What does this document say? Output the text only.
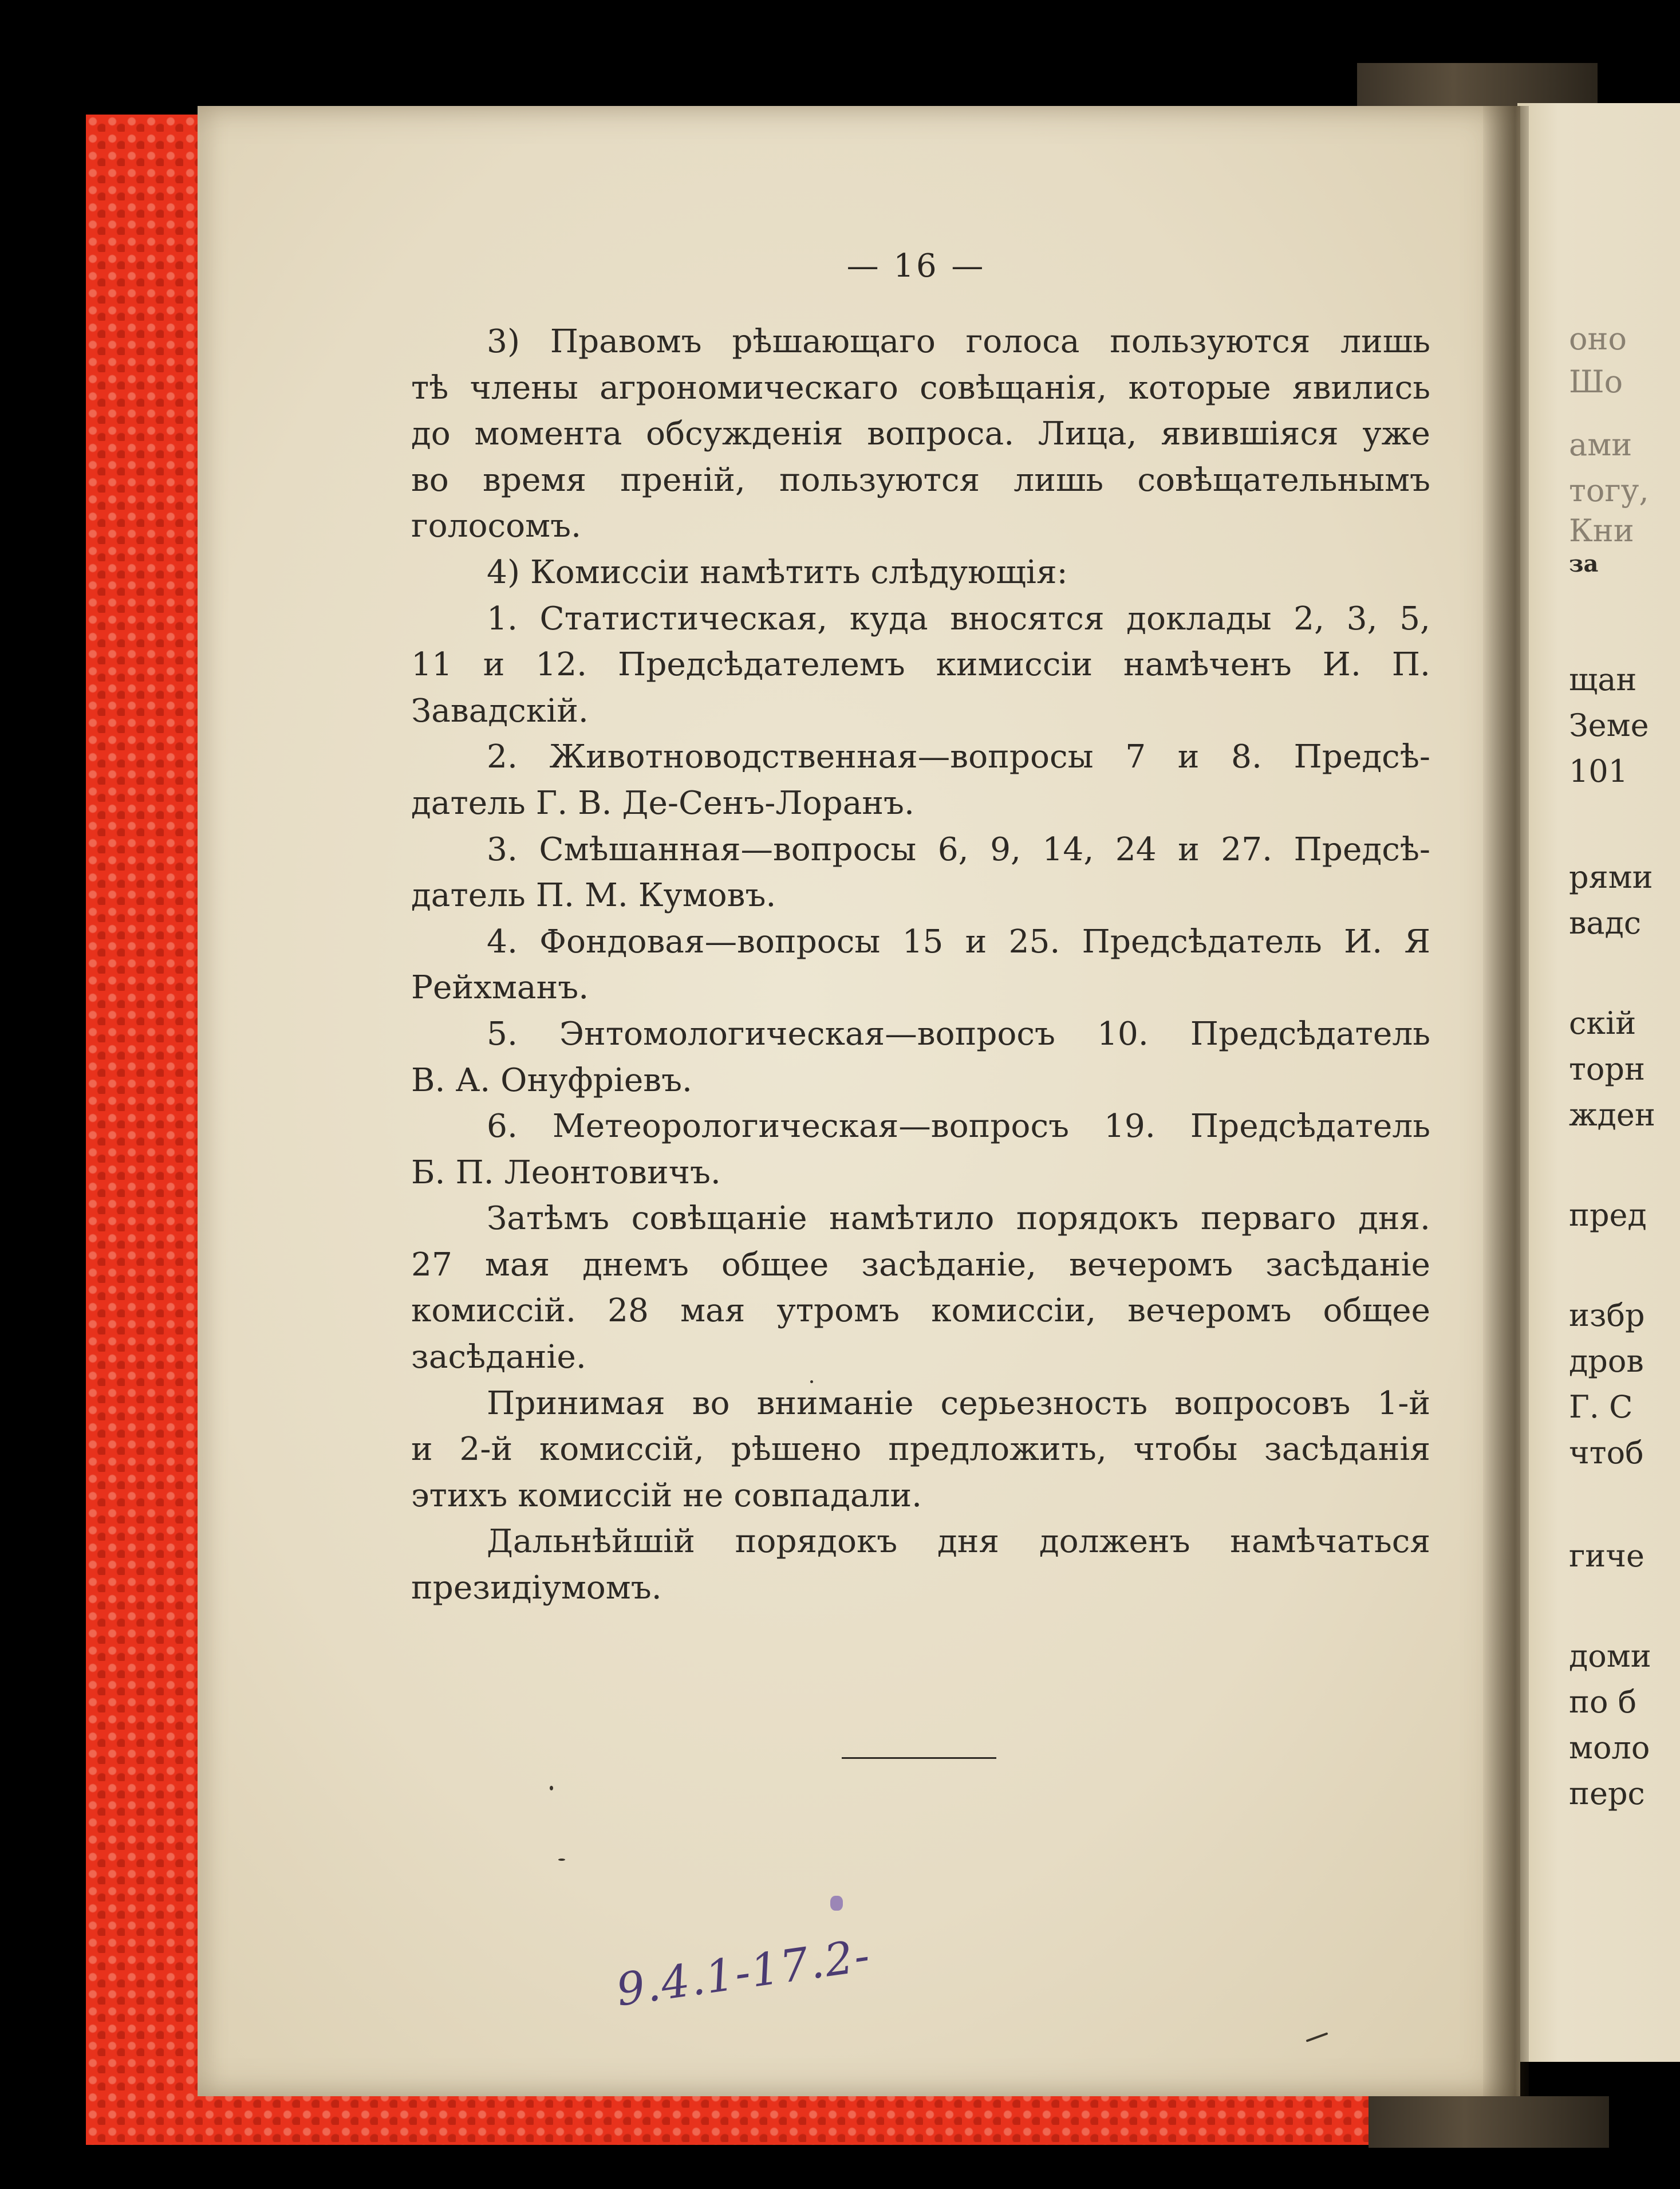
оно
Шо
ами
тогу,
Кни
за
щан
Земе
101
рями
вадс
скій
торн
жден
пред
избр
дров
Г. С
чтоб
гиче
доми
по б
моло
перс
— 16 —
3) Правомъ рѣшающаго голоса пользуются лишь
тѣ члены агрономическаго совѣщанія, которые явились
до момента обсужденія вопроса. Лица, явившіяся уже
во время преній, пользуются лишь совѣщательнымъ
голосомъ.
4) Комиссіи намѣтить слѣдующія:
1. Статистическая, куда вносятся доклады 2, 3, 5,
11 и 12. Предсѣдателемъ кимиссіи намѣченъ И. П.
Завадскій.
2. Животноводственная—вопросы 7 и 8. Предсѣ-
датель Г. В. Де-Сенъ-Лоранъ.
3. Смѣшанная—вопросы 6, 9, 14, 24 и 27. Предсѣ-
датель П. М. Кумовъ.
4. Фондовая—вопросы 15 и 25. Предсѣдатель И. Я
Рейхманъ.
5. Энтомологическая—вопросъ 10. Предсѣдатель
В. А. Онуфріевъ.
6. Метеорологическая—вопросъ 19. Предсѣдатель
Б. П. Леонтовичъ.
Затѣмъ совѣщаніе намѣтило порядокъ перваго дня.
27 мая днемъ общее засѣданіе, вечеромъ засѣданіе
комиссій. 28 мая утромъ комиссіи, вечеромъ общее
засѣданіе.
Принимая во вниманіе серьезность вопросовъ 1-й
и 2-й комиссій, рѣшено предложить, чтобы засѣданія
этихъ комиссій не совпадали.
Дальнѣйшій порядокъ дня долженъ намѣчаться
президіумомъ.
9.4.1-17.2-
